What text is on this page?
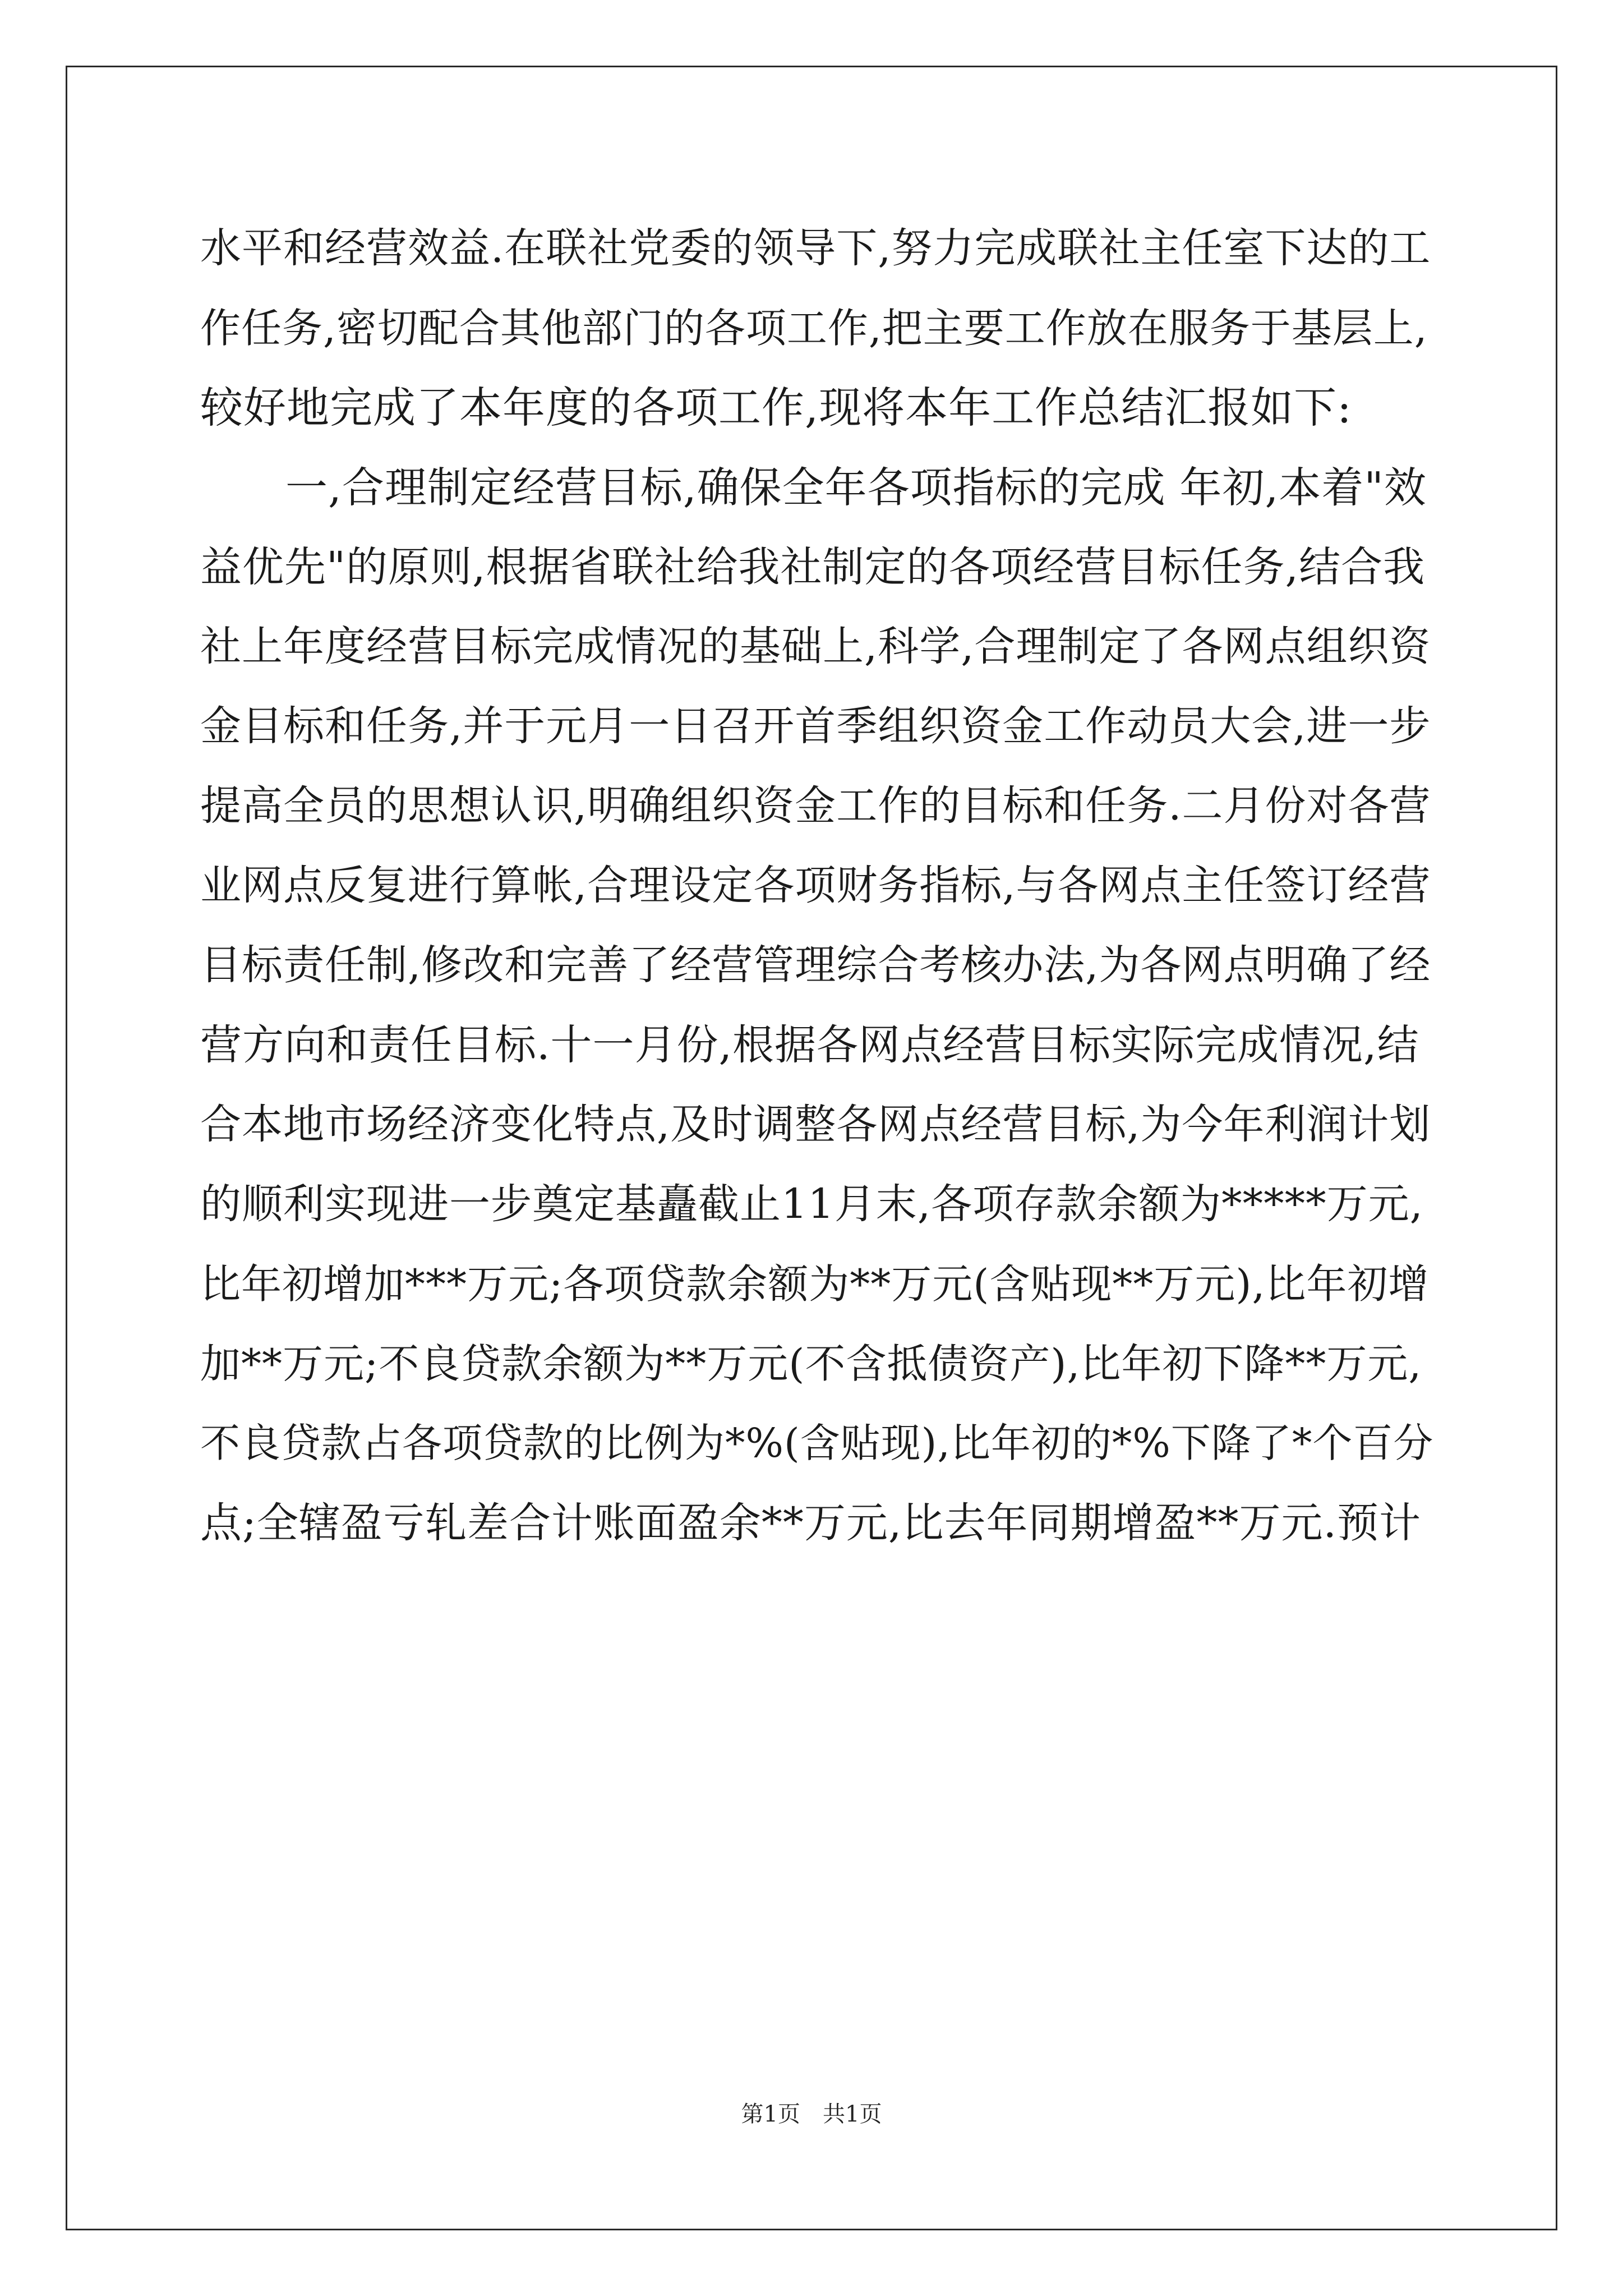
水平和经营效益.在联社党委的领导下,努力完成联社主任室下达的工
作任务,密切配合其他部门的各项工作,把主要工作放在服务于基层上,
较好地完成了本年度的各项工作,现将本年工作总结汇报如下:
　　一,合理制定经营目标,确保全年各项指标的完成 年初,本着"效
益优先"的原则,根据省联社给我社制定的各项经营目标任务,结合我
社上年度经营目标完成情况的基础上,科学,合理制定了各网点组织资
金目标和任务,并于元月一日召开首季组织资金工作动员大会,进一步
提高全员的思想认识,明确组织资金工作的目标和任务.二月份对各营
业网点反复进行算帐,合理设定各项财务指标,与各网点主任签订经营
目标责任制,修改和完善了经营管理综合考核办法,为各网点明确了经
营方向和责任目标.十一月份,根据各网点经营目标实际完成情况,结
合本地市场经济变化特点,及时调整各网点经营目标,为今年利润计划
的顺利实现进一步奠定基矗截止11月末,各项存款余额为*****万元,
比年初增加***万元;各项贷款余额为**万元(含贴现**万元),比年初增
加**万元;不良贷款余额为**万元(不含抵债资产),比年初下降**万元,
不良贷款占各项贷款的比例为*%(含贴现),比年初的*%下降了*个百分
点;全辖盈亏轧差合计账面盈余**万元,比去年同期增盈**万元.预计
第1页　共1页
